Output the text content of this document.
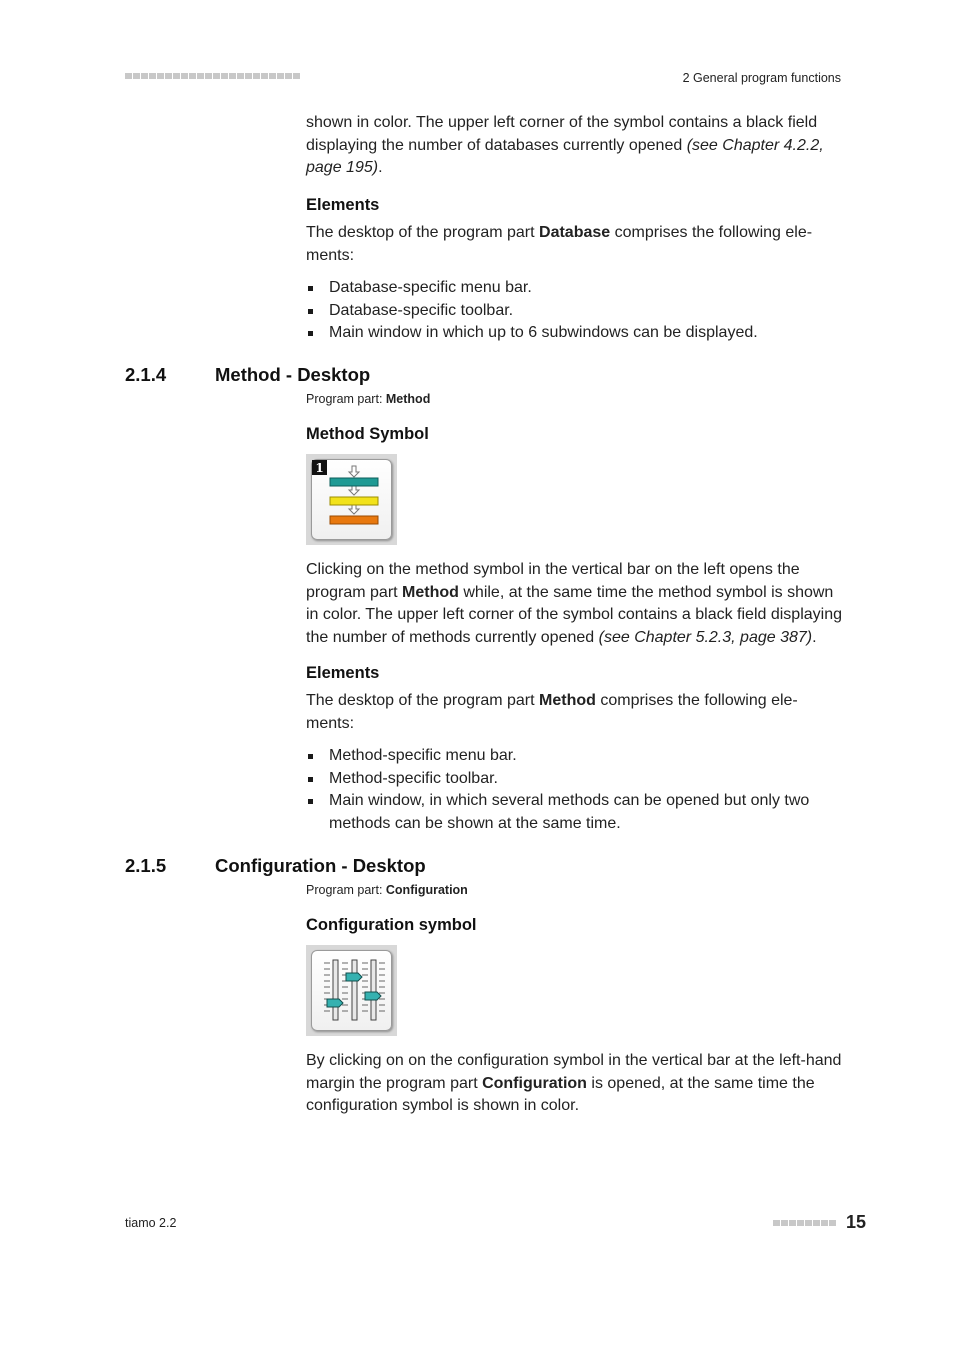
2 General program functions

shown in color. The upper left corner of the symbol contains a black field displaying the number of databases currently opened (see Chapter 4.2.2, page 195).

Elements

The desktop of the program part Database comprises the following ele- ments:

Database-specific menu bar.
Database-specific toolbar.
Main window in which up to 6 subwindows can be displayed.
2.1.4	Method - Desktop
Program part: Method
Method Symbol
1

Clicking on the method symbol in the vertical bar on the left opens the program part Method while, at the same time the method symbol is shown in color. The upper left corner of the symbol contains a black field displaying the number of methods currently opened (see Chapter 5.2.3, page 387).

Elements

The desktop of the program part Method comprises the following ele- ments:

Method-specific menu bar.
Method-specific toolbar.
Main window, in which several methods can be opened but only two methods can be shown at the same time.
2.1.5	Configuration - Desktop
Program part: Configuration
Configuration symbol

By clicking on on the configuration symbol in the vertical bar at the left-hand margin the program part Configuration is opened, at the same time the configuration symbol is shown in color.

tiamo 2.2	15
